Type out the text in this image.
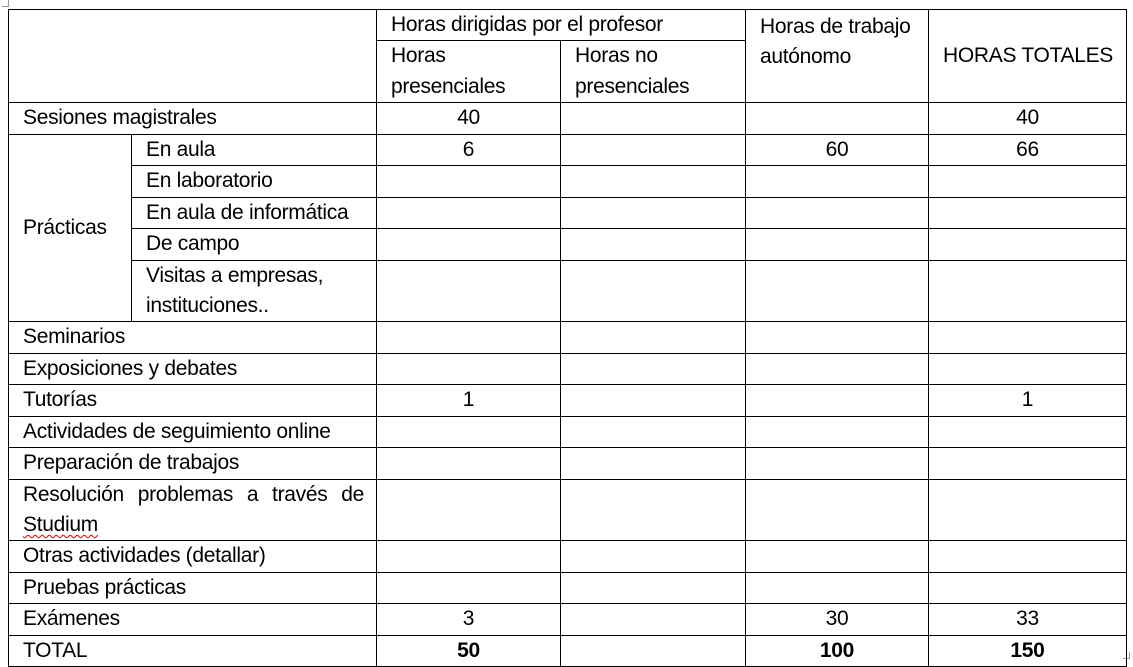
		Horas dirigidas por el profesor		Horas de trabajo autónomo	HORAS TOTALES
		Horas presenciales	Horas no presenciales		
Sesiones magistrales		40			40
Prácticas	En aula	6		60	66
	En laboratorio				
	En aula de informática				
	De campo				
	Visitas a empresas, instituciones..				
Seminarios					
Exposiciones y debates					
Tutorías		1			1
Actividades de seguimiento online					
Preparación de trabajos					
Resolución problemas a través de Studium					
Otras actividades (detallar)					
Pruebas prácticas					
Exámenes		3		30	33
TOTAL		50		100	150
